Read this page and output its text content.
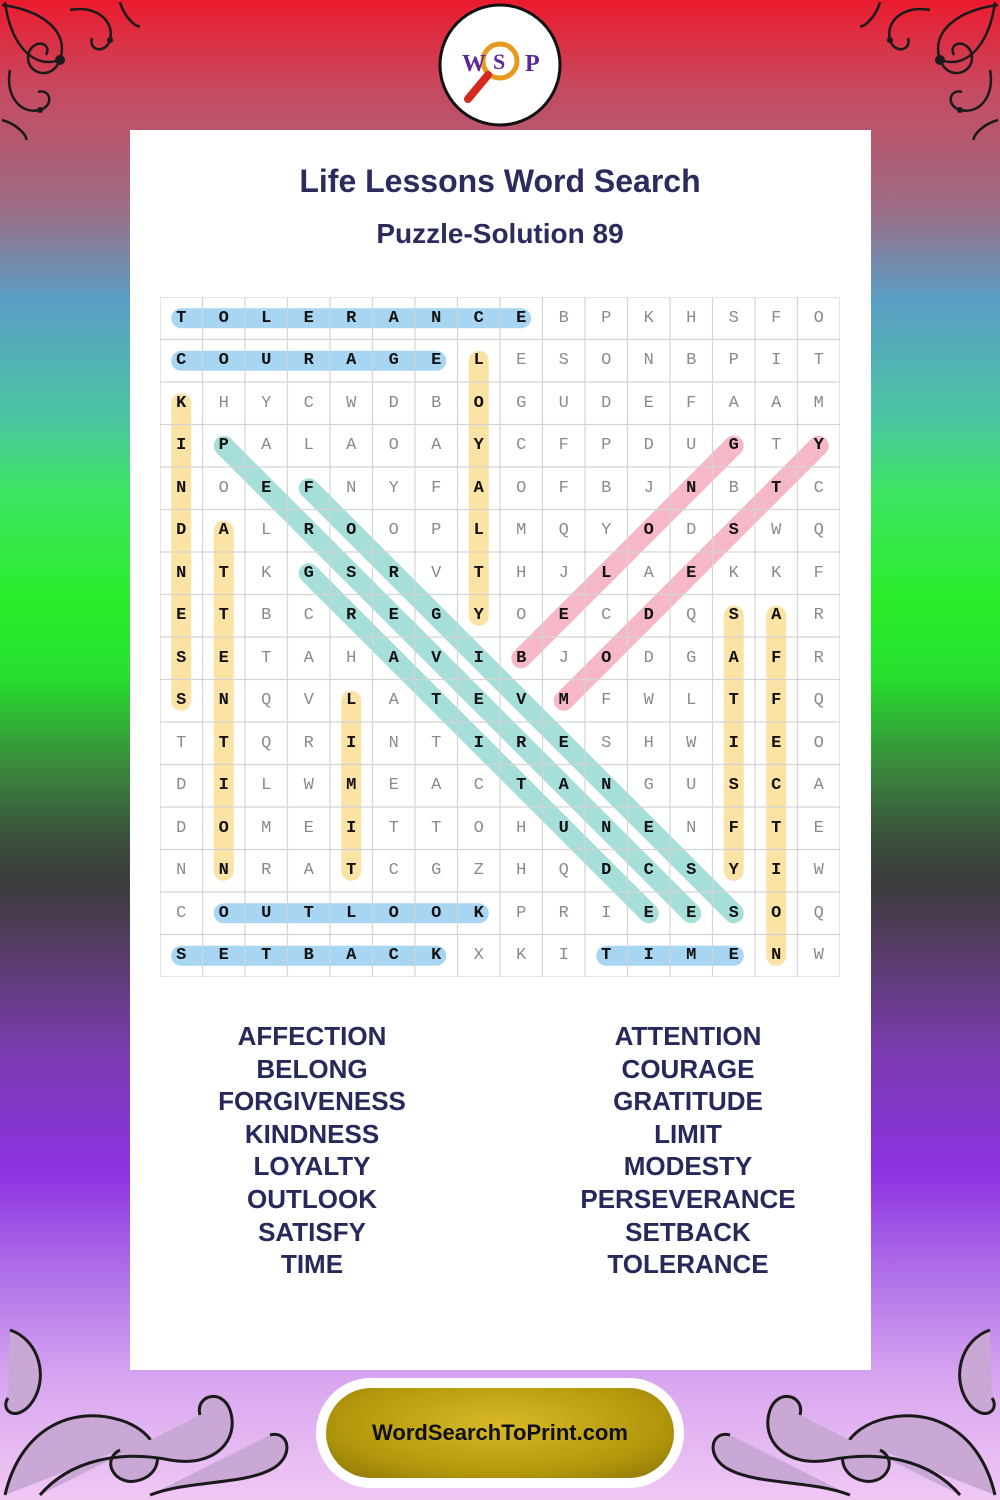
W S P
Life Lessons Word Search
Puzzle-Solution 89
T	O	L	E	R	A	N	C	E	B	P	K	H	S	F	O
C	O	U	R	A	G	E	L	E	S	O	N	B	P	I	T
K	H	Y	C	W	D	B	O	G	U	D	E	F	A	A	M
I	P	A	L	A	O	A	Y	C	F	P	D	U	G	T	Y
N	O	E	F	N	Y	F	A	O	F	B	J	N	B	T	C
D	A	L	R	O	O	P	L	M	Q	Y	O	D	S	W	Q
N	T	K	G	S	R	V	T	H	J	L	A	E	K	K	F
E	T	B	C	R	E	G	Y	O	E	C	D	Q	S	A	R
S	E	T	A	H	A	V	I	B	J	O	D	G	A	F	R
S	N	Q	V	L	A	T	E	V	M	F	W	L	T	F	Q
T	T	Q	R	I	N	T	I	R	E	S	H	W	I	E	O
D	I	L	W	M	E	A	C	T	A	N	G	U	S	C	A
D	O	M	E	I	T	T	O	H	U	N	E	N	F	T	E
N	N	R	A	T	C	G	Z	H	Q	D	C	S	Y	I	W
C	O	U	T	L	O	O	K	P	R	I	E	E	S	O	Q
S	E	T	B	A	C	K	X	K	I	T	I	M	E	N	W
AFFECTION
BELONG
FORGIVENESS
KINDNESS
LOYALTY
OUTLOOK
SATISFY
TIME
ATTENTION
COURAGE
GRATITUDE
LIMIT
MODESTY
PERSEVERANCE
SETBACK
TOLERANCE
WordSearchToPrint.com
